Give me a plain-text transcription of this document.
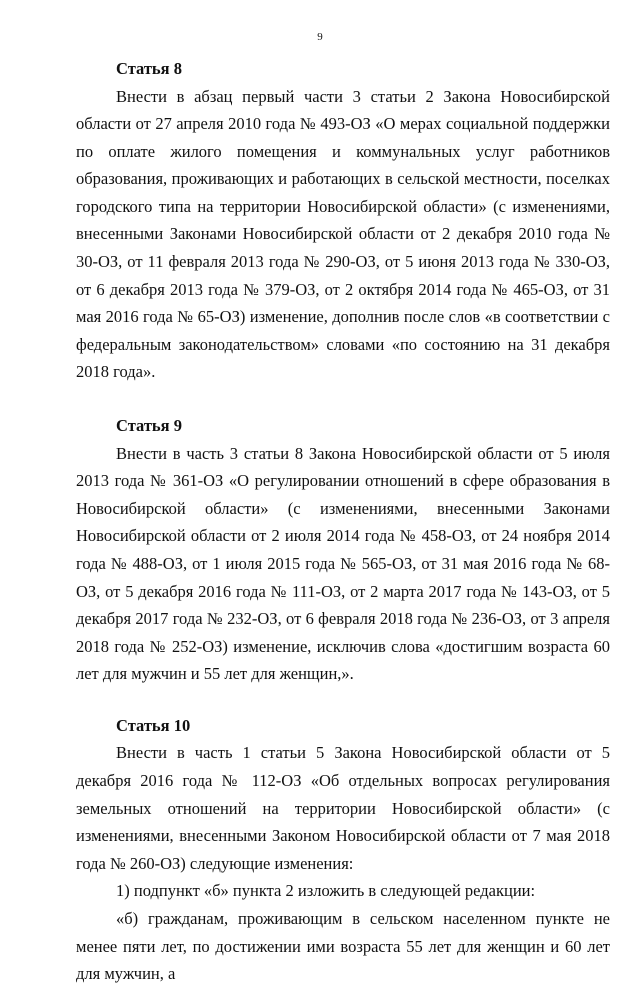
9
Статья 8

Внести в абзац первый части 3 статьи 2 Закона Новосибирской области от 27 апреля 2010 года № 493-ОЗ «О мерах социальной поддержки по оплате жилого помещения и коммунальных услуг работников образования, проживающих и работающих в сельской местности, поселках городского типа на территории Новосибирской области» (с изменениями, внесенными Законами Новосибирской области от 2 декабря 2010 года № 30-ОЗ, от 11 февраля 2013 года № 290-ОЗ, от 5 июня 2013 года № 330-ОЗ, от 6 декабря 2013 года № 379-ОЗ, от 2 октября 2014 года № 465-ОЗ, от 31 мая 2016 года № 65-ОЗ) изменение, дополнив после слов «в соответствии с федеральным законодательством» словами «по состоянию на 31 декабря 2018 года».

Статья 9

Внести в часть 3 статьи 8 Закона Новосибирской области от 5 июля 2013 года № 361-ОЗ «О регулировании отношений в сфере образования в Новосибирской области» (с изменениями, внесенными Законами Новосибирской области от 2 июля 2014 года № 458-ОЗ, от 24 ноября 2014 года № 488-ОЗ, от 1 июля 2015 года № 565-ОЗ, от 31 мая 2016 года № 68-ОЗ, от 5 декабря 2016 года № 111-ОЗ, от 2 марта 2017 года № 143-ОЗ, от 5 декабря 2017 года № 232-ОЗ, от 6 февраля 2018 года № 236-ОЗ, от 3 апреля 2018 года № 252-ОЗ) изменение, исключив слова «достигшим возраста 60 лет для мужчин и 55 лет для женщин,».

Статья 10

Внести в часть 1 статьи 5 Закона Новосибирской области от 5 декабря 2016 года № 112-ОЗ «Об отдельных вопросах регулирования земельных отношений на территории Новосибирской области» (с изменениями, внесенными Законом Новосибирской области от 7 мая 2018 года № 260-ОЗ) следующие изменения:

1) подпункт «б» пункта 2 изложить в следующей редакции:

«б) гражданам, проживающим в сельском населенном пункте не менее пяти лет, по достижении ими возраста 55 лет для женщин и 60 лет для мужчин, а
